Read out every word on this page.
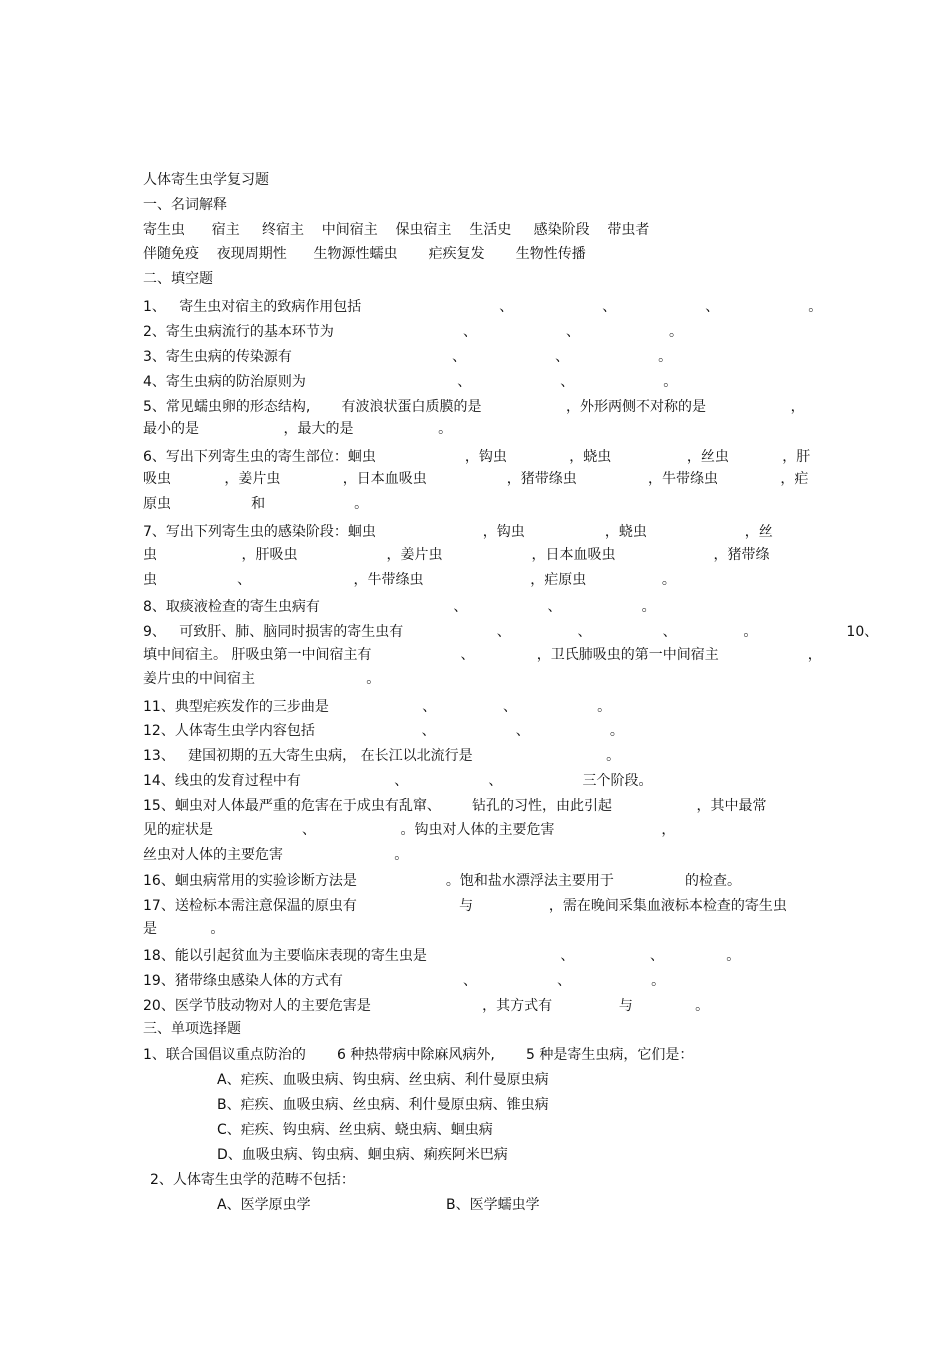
人体寄生虫学复习题
一、名词解释
寄生虫      宿主     终宿主    中间宿主    保虫宿主    生活史     感染阶段    带虫者
伴随免疫    夜现周期性      生物源性蠕虫       疟疾复发       生物性传播
二、填空题
1、   寄生虫对宿主的致病作用包括                               、                    、                    、                    。
2、寄生虫病流行的基本环节为                             、                    、                    。
3、寄生虫病的传染源有                                    、                    、                    。
4、寄生虫病的防治原则为                                  、                    、                    。
5、常见蠕虫卵的形态结构,       有波浪状蛋白质膜的是                   ，外形两侧不对称的是                   ，
最小的是                   ，最大的是                   。
6、写出下列寄生虫的寄生部位：蛔虫                    ，钩虫              ，蛲虫                 ，丝虫            ，肝
吸虫            ，姜片虫              ，日本血吸虫                  ，猪带绦虫                ，牛带绦虫              ，疟
原虫                  和                    。
7、写出下列寄生虫的感染阶段：蛔虫                        ，钩虫                  ，蛲虫                      ，丝
虫                   ，肝吸虫                    ，姜片虫                    ，日本血吸虫                      ，猪带绦
虫                  、                       ，牛带绦虫                        ，疟原虫                 。
8、取痰液检查的寄生虫病有                              、                  、                  。
9、   可致肝、肺、脑同时损害的寄生虫有                     、               、                、               。                    10、
填中间宿主。 肝吸虫第一中间宿主有                    、              ，卫氏肺吸虫的第一中间宿主                    ，
姜片虫的中间宿主                         。
11、典型疟疾发作的三步曲是                     、               、                  。
12、人体寄生虫学内容包括                        、                  、                  。
13、   建国初期的五大寄生虫病， 在长江以北流行是                              。
14、线虫的发育过程中有                     、                  、                  三个阶段。
15、蛔虫对人体最严重的危害在于成虫有乱窜、       钻孔的习性，由此引起                   ，其中最常
见的症状是                    、                   。钩虫对人体的主要危害                        ，
丝虫对人体的主要危害                         。
16、蛔虫病常用的实验诊断方法是                    。饱和盐水漂浮法主要用于                的检查。
17、送检标本需注意保温的原虫有                       与                 ，需在晚间采集血液标本检查的寄生虫
是            。
18、能以引起贫血为主要临床表现的寄生虫是                              、                 、              。
19、猪带绦虫感染人体的方式有                           、                  、                  。
20、医学节肢动物对人的主要危害是                         ，其方式有               与              。
三、单项选择题
1、联合国倡议重点防治的       6 种热带病中除麻风病外,       5 种是寄生虫病，它们是：
A、疟疾、血吸虫病、钩虫病、丝虫病、利什曼原虫病
B、疟疾、血吸虫病、丝虫病、利什曼原虫病、锥虫病
C、疟疾、钩虫病、丝虫病、蛲虫病、蛔虫病
D、血吸虫病、钩虫病、蛔虫病、痢疾阿米巴病
2、人体寄生虫学的范畴不包括：
A、医学原虫学	B、医学蠕虫学
